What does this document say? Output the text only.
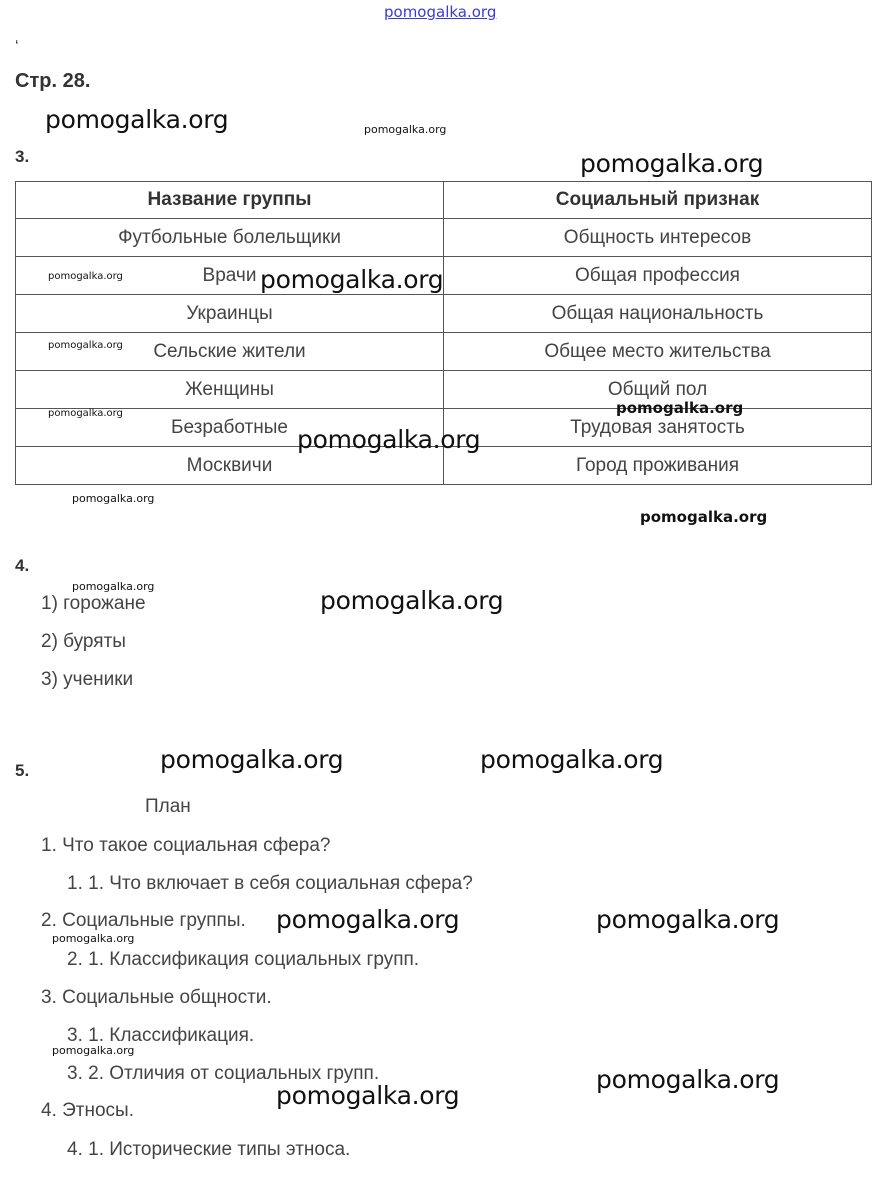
pomogalka.org
‘
Стр. 28.
3.
Название группы	Социальный признак
Футбольные болельщики	Общность интересов
Врачи	Общая профессия
Украинцы	Общая национальность
Сельские жители	Общее место жительства
Женщины	Общий пол
Безработные	Трудовая занятость
Москвичи	Город проживания
4.
1) горожане
2) буряты
3) ученики
5.
План
1. Что такое социальная сфера?
1. 1. Что включает в себя социальная сфера?
2. Социальные группы.
2. 1. Классификация социальных групп.
3. Социальные общности.
3. 1. Классификация.
3. 2. Отличия от социальных групп.
4. Этносы.
4. 1. Исторические типы этноса.
pomogalka.org	pomogalka.org
pomogalka.org
pomogalka.org	pomogalka.org
pomogalka.org
pomogalka.org	pomogalka.org
pomogalka.org
pomogalka.org
pomogalka.org
pomogalka.org	pomogalka.org
pomogalka.org	pomogalka.org
pomogalka.org	pomogalka.org
pomogalka.org
pomogalka.org
pomogalka.org
pomogalka.org
